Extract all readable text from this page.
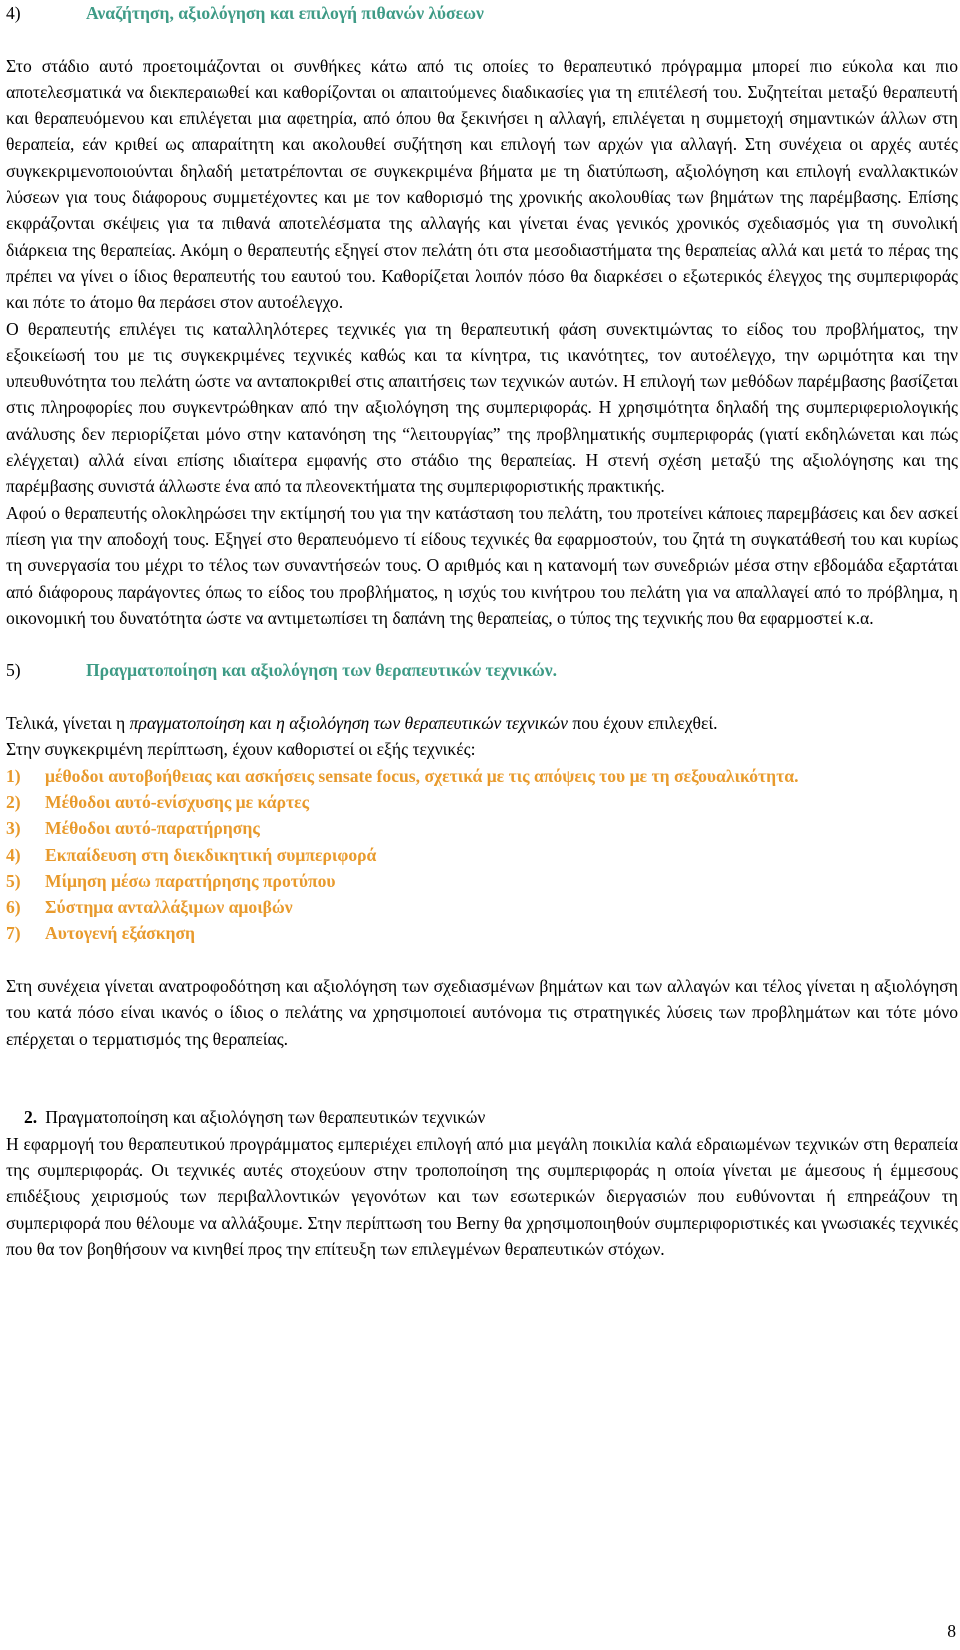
4)	Αναζήτηση, αξιολόγηση και επιλογή πιθανών λύσεων

Στο στάδιο αυτό προετοιμάζονται οι συνθήκες κάτω από τις οποίες το θεραπευτικό πρόγραμμα μπορεί πιο εύκολα και πιο αποτελεσματικά να διεκπεραιωθεί και καθορίζονται οι απαιτούμενες διαδικασίες για τη επιτέλεσή του. Συζητείται μεταξύ θεραπευτή και θεραπευόμενου και επιλέγεται μια αφετηρία, από όπου θα ξεκινήσει η αλλαγή, επιλέγεται η συμμετοχή σημαντικών άλλων στη θεραπεία, εάν κριθεί ως απαραίτητη και ακολουθεί συζήτηση και επιλογή των αρχών για αλλαγή. Στη συνέχεια οι αρχές αυτές συγκεκριμενοποιούνται δηλαδή μετατρέπονται σε συγκεκριμένα βήματα με τη διατύπωση, αξιολόγηση και επιλογή εναλλακτικών λύσεων για τους διάφορους συμμετέχοντες και με τον καθορισμό της χρονικής ακολουθίας των βημάτων της παρέμβασης. Επίσης εκφράζονται σκέψεις για τα πιθανά αποτελέσματα της αλλαγής και γίνεται ένας γενικός χρονικός σχεδιασμός για τη συνολική διάρκεια της θεραπείας. Ακόμη ο θεραπευτής εξηγεί στον πελάτη ότι στα μεσοδιαστήματα της θεραπείας αλλά και μετά το πέρας της πρέπει να γίνει ο ίδιος θεραπευτής του εαυτού του. Καθορίζεται λοιπόν πόσο θα διαρκέσει ο εξωτερικός έλεγχος της συμπεριφοράς και πότε το άτομο θα περάσει στον αυτοέλεγχο.

Ο θεραπευτής επιλέγει τις καταλληλότερες τεχνικές για τη θεραπευτική φάση συνεκτιμώντας το είδος του προβλήματος, την εξοικείωσή του με τις συγκεκριμένες τεχνικές καθώς και τα κίνητρα, τις ικανότητες, τον αυτοέλεγχο, την ωριμότητα και την υπευθυνότητα του πελάτη ώστε να ανταποκριθεί στις απαιτήσεις των τεχνικών αυτών. Η επιλογή των μεθόδων παρέμβασης βασίζεται στις πληροφορίες που συγκεντρώθηκαν από την αξιολόγηση της συμπεριφοράς. Η χρησιμότητα δηλαδή της συμπεριφεριολογικής ανάλυσης δεν περιορίζεται μόνο στην κατανόηση της “λειτουργίας” της προβληματικής συμπεριφοράς (γιατί εκδηλώνεται και πώς ελέγχεται) αλλά είναι επίσης ιδιαίτερα εμφανής στο στάδιο της θεραπείας. Η στενή σχέση μεταξύ της αξιολόγησης και της παρέμβασης συνιστά άλλωστε ένα από τα πλεονεκτήματα της συμπεριφοριστικής πρακτικής.

Αφού ο θεραπευτής ολοκληρώσει την εκτίμησή του για την κατάσταση του πελάτη, του προτείνει κάποιες παρεμβάσεις και δεν ασκεί πίεση για την αποδοχή τους. Εξηγεί στο θεραπευόμενο τί είδους τεχνικές θα εφαρμοστούν, του ζητά τη συγκατάθεσή του και κυρίως τη συνεργασία του μέχρι το τέλος των συναντήσεών τους. Ο αριθμός και η κατανομή των συνεδριών μέσα στην εβδομάδα εξαρτάται από διάφορους παράγοντες όπως το είδος του προβλήματος, η ισχύς του κινήτρου του πελάτη για να απαλλαγεί από το πρόβλημα, η οικονομική του δυνατότητα ώστε να αντιμετωπίσει τη δαπάνη της θεραπείας, ο τύπος της τεχνικής που θα εφαρμοστεί κ.α.

5)	Πραγματοποίηση και αξιολόγηση των θεραπευτικών τεχνικών.

Τελικά, γίνεται η πραγματοποίηση και η αξιολόγηση των θεραπευτικών τεχνικών που έχουν επιλεχθεί.

Στην συγκεκριμένη περίπτωση, έχουν καθοριστεί οι εξής τεχνικές:

1)	μέθοδοι αυτοβοήθειας και ασκήσεις sensate focus, σχετικά με τις απόψεις του με τη σεξουαλικότητα.
2)	Μέθοδοι αυτό-ενίσχυσης με κάρτες
3)	Μέθοδοι αυτό-παρατήρησης
4)	Εκπαίδευση στη διεκδικητική συμπεριφορά
5)	Μίμηση μέσω παρατήρησης προτύπου
6)	Σύστημα ανταλλάξιμων αμοιβών
7)	Αυτογενή εξάσκηση

Στη συνέχεια γίνεται ανατροφοδότηση και αξιολόγηση των σχεδιασμένων βημάτων και των αλλαγών και τέλος γίνεται η αξιολόγηση του κατά πόσο είναι ικανός ο ίδιος ο πελάτης να χρησιμοποιεί αυτόνομα τις στρατηγικές λύσεις των προβλημάτων και τότε μόνο επέρχεται ο τερματισμός της θεραπείας.

2. Πραγματοποίηση και αξιολόγηση των θεραπευτικών τεχνικών

Η εφαρμογή του θεραπευτικού προγράμματος εμπεριέχει επιλογή από μια μεγάλη ποικιλία καλά εδραιωμένων τεχνικών στη θεραπεία της συμπεριφοράς. Οι τεχνικές αυτές στοχεύουν στην τροποποίηση της συμπεριφοράς η οποία γίνεται με άμεσους ή έμμεσους επιδέξιους χειρισμούς των περιβαλλοντικών γεγονότων και των εσωτερικών διεργασιών που ευθύνονται ή επηρεάζουν τη συμπεριφορά που θέλουμε να αλλάξουμε. Στην περίπτωση του Berny θα χρησιμοποιηθούν συμπεριφοριστικές και γνωσιακές τεχνικές που θα τον βοηθήσουν να κινηθεί προς την επίτευξη των επιλεγμένων θεραπευτικών στόχων.

8
